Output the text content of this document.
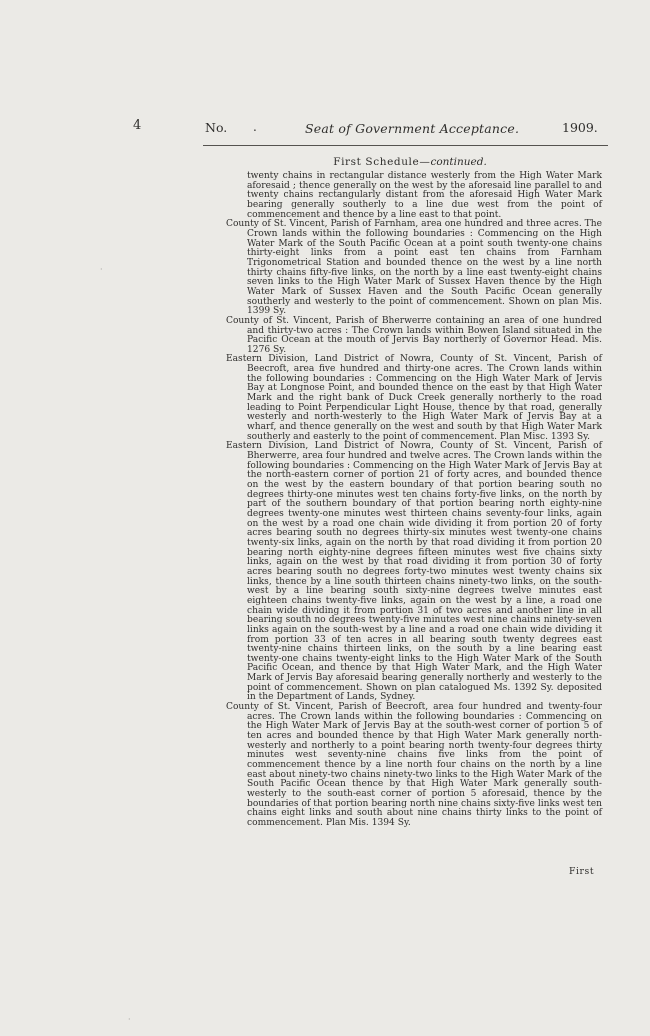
4	No. .	Seat of Government Acceptance.	1909.
First Schedule—continued.

twenty chains in rectangular distance westerly from the High Water Mark aforesaid ; thence generally on the west by the aforesaid line parallel to and twenty chains rectangularly distant from the aforesaid High Water Mark bearing generally southerly to a line due west from the point of commencement and thence by a line east to that point.

County of St. Vincent, Parish of Farnham, area one hundred and three acres. The Crown lands within the following boundaries : Commencing on the High Water Mark of the South Pacific Ocean at a point south twenty-one chains thirty-eight links from a point east ten chains from Farnham Trigonometrical Station and bounded thence on the west by a line north thirty chains fifty-five links, on the north by a line east twenty-eight chains seven links to the High Water Mark of Sussex Haven thence by the High Water Mark of Sussex Haven and the South Pacific Ocean generally southerly and westerly to the point of commencement. Shown on plan Mis. 1399 Sy.

County of St. Vincent, Parish of Bherwerre containing an area of one hundred and thirty-two acres : The Crown lands within Bowen Island situated in the Pacific Ocean at the mouth of Jervis Bay northerly of Governor Head. Mis. 1276 Sy.

Eastern Division, Land District of Nowra, County of St. Vincent, Parish of Beecroft, area five hundred and thirty-one acres. The Crown lands within the following boundaries : Commencing on the High Water Mark of Jervis Bay at Longnose Point, and bounded thence on the east by that High Water Mark and the right bank of Duck Creek generally northerly to the road leading to Point Perpendicular Light House, thence by that road, generally westerly and north-westerly to the High Water Mark of Jervis Bay at a wharf, and thence generally on the west and south by that High Water Mark southerly and easterly to the point of commencement. Plan Misc. 1393 Sy.

Eastern Division, Land District of Nowra, County of St. Vincent, Parish of Bherwerre, area four hundred and twelve acres. The Crown lands within the following boundaries : Commencing on the High Water Mark of Jervis Bay at the north-eastern corner of portion 21 of forty acres, and bounded thence on the west by the eastern boundary of that portion bearing south no degrees thirty-one minutes west ten chains forty-five links, on the north by part of the southern boundary of that portion bearing north eighty-nine degrees twenty-one minutes west thirteen chains seventy-four links, again on the west by a road one chain wide dividing it from portion 20 of forty acres bearing south no degrees thirty-six minutes west twenty-one chains twenty-six links, again on the north by that road dividing it from portion 20 bearing north eighty-nine degrees fifteen minutes west five chains sixty links, again on the west by that road dividing it from portion 30 of forty acres bearing south no degrees forty-two minutes west twenty chains six links, thence by a line south thirteen chains ninety-two links, on the south-west by a line bearing south sixty-nine degrees twelve minutes east eighteen chains twenty-five links, again on the west by a line, a road one chain wide dividing it from portion 31 of two acres and another line in all bearing south no degrees twenty-five minutes west nine chains ninety-seven links again on the south-west by a line and a road one chain wide dividing it from portion 33 of ten acres in all bearing south twenty degrees east twenty-nine chains thirteen links, on the south by a line bearing east twenty-one chains twenty-eight links to the High Water Mark of the South Pacific Ocean, and thence by that High Water Mark, and the High Water Mark of Jervis Bay aforesaid bearing generally northerly and westerly to the point of commencement. Shown on plan catalogued Ms. 1392 Sy. deposited in the Department of Lands, Sydney.

County of St. Vincent, Parish of Beecroft, area four hundred and twenty-four acres. The Crown lands within the following boundaries : Commencing on the High Water Mark of Jervis Bay at the south-west corner of portion 5 of ten acres and bounded thence by that High Water Mark generally north-westerly and northerly to a point bearing north twenty-four degrees thirty minutes west seventy-nine chains five links from the point of commencement thence by a line north four chains on the north by a line east about ninety-two chains ninety-two links to the High Water Mark of the South Pacific Ocean thence by that High Water Mark generally south-westerly to the south-east corner of portion 5 aforesaid, thence by the boundaries of that portion bearing north nine chains sixty-five links west ten chains eight links and south about nine chains thirty links to the point of commencement. Plan Mis. 1394 Sy.

First
·
·
